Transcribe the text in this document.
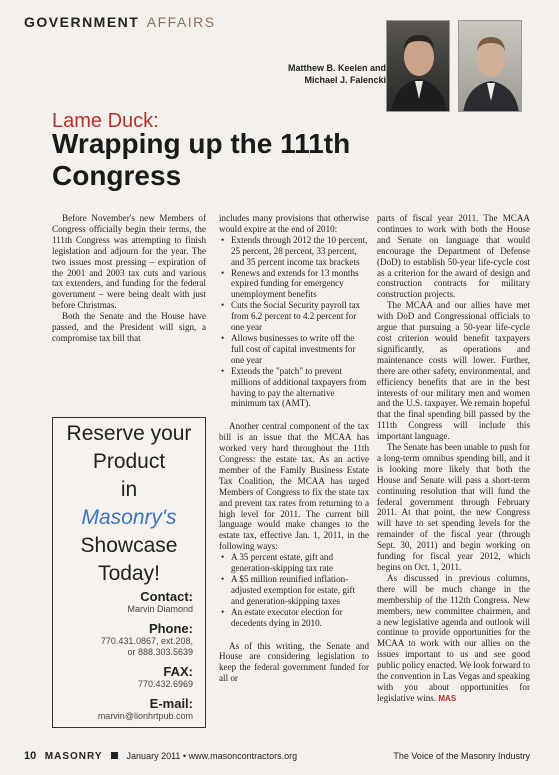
GOVERNMENT AFFAIRS
Matthew B. Keelen and
Michael J. Falencki
Lame Duck:
Wrapping up the 111th Congress

Before November's new Members of Congress officially begin their terms, the 111th Congress was attempting to finish legislation and adjourn for the year. The two issues most pressing – expiration of the 2001 and 2003 tax cuts and various tax extenders, and funding for the federal government – were being dealt with just before Christmas.

Both the Senate and the House have passed, and the President will sign, a compromise tax bill that

includes many provisions that otherwise would expire at the end of 2010:

• Extends through 2012 the 10 percent, 25 percent, 28 percent, 33 percent, and 35 percent income tax brackets
• Renews and extends for 13 months expired funding for emergency unemployment benefits
• Cuts the Social Security payroll tax from 6.2 percent to 4.2 percent for one year
• Allows businesses to write off the full cost of capital investments for one year
• Extends the "patch" to prevent millions of additional taxpayers from having to pay the alternative minimum tax (AMT).

Another central component of the tax bill is an issue that the MCAA has worked very hard throughout the 11th Congress: the estate tax. As an active member of the Family Business Estate Tax Coalition, the MCAA has urged Members of Congress to fix the state tax and prevent tax rates from returning to a high level for 2011. The current bill language would make changes to the estate tax, effective Jan. 1, 2011, in the following ways:

• A 35 percent estate, gift and generation-skipping tax rate
• A $5 million reunified inflation-adjusted exemption for estate, gift and generation-skipping taxes
• An estate executor election for decedents dying in 2010.

As of this writing, the Senate and House are considering legislation to keep the federal government funded for all or

parts of fiscal year 2011. The MCAA continues to work with both the House and Senate on language that would encourage the Department of Defense (DoD) to establish 50-year life-cycle cost as a criterion for the award of design and construction contracts for military construction projects.

The MCAA and our allies have met with DoD and Congressional officials to argue that pursuing a 50-year life-cycle cost criterion would benefit taxpayers significantly, as operations and maintenance costs will lower. Further, there are other safety, environmental, and efficiency benefits that are in the best interests of our military men and women and the U.S. taxpayer. We remain hopeful that the final spending bill passed by the 111th Congress will include this important language.

The Senate has been unable to push for a long-term omnibus spending bill, and it is looking more likely that both the House and Senate will pass a short-term continuing resolution that will fund the federal government through February 2011. At that point, the new Congress will have to set spending levels for the remainder of the fiscal year (through Sept. 30, 2011) and begin working on funding for fiscal year 2012, which begins on Oct. 1, 2011.

As discussed in previous columns, there will be much change in the membership of the 112th Congress. New members, new committee chairmen, and a new legislative agenda and outlook will continue to provide opportunities for the MCAA to work with our allies on the issues important to us and see good public policy enacted. We look forward to the convention in Las Vegas and speaking with you about opportunities for legislative wins. MAS

Reserve your
Product
in
Masonry's
Showcase
Today!
Contact:
Marvin Diamond
Phone:
770.431.0867, ext.208,
or 888.303.5639
FAX:
770.432.6969
E-mail:
marvin@lionhrtpub.com
10 MASONRY	January 2011 • www.masoncontractors.org	The Voice of the Masonry Industry
